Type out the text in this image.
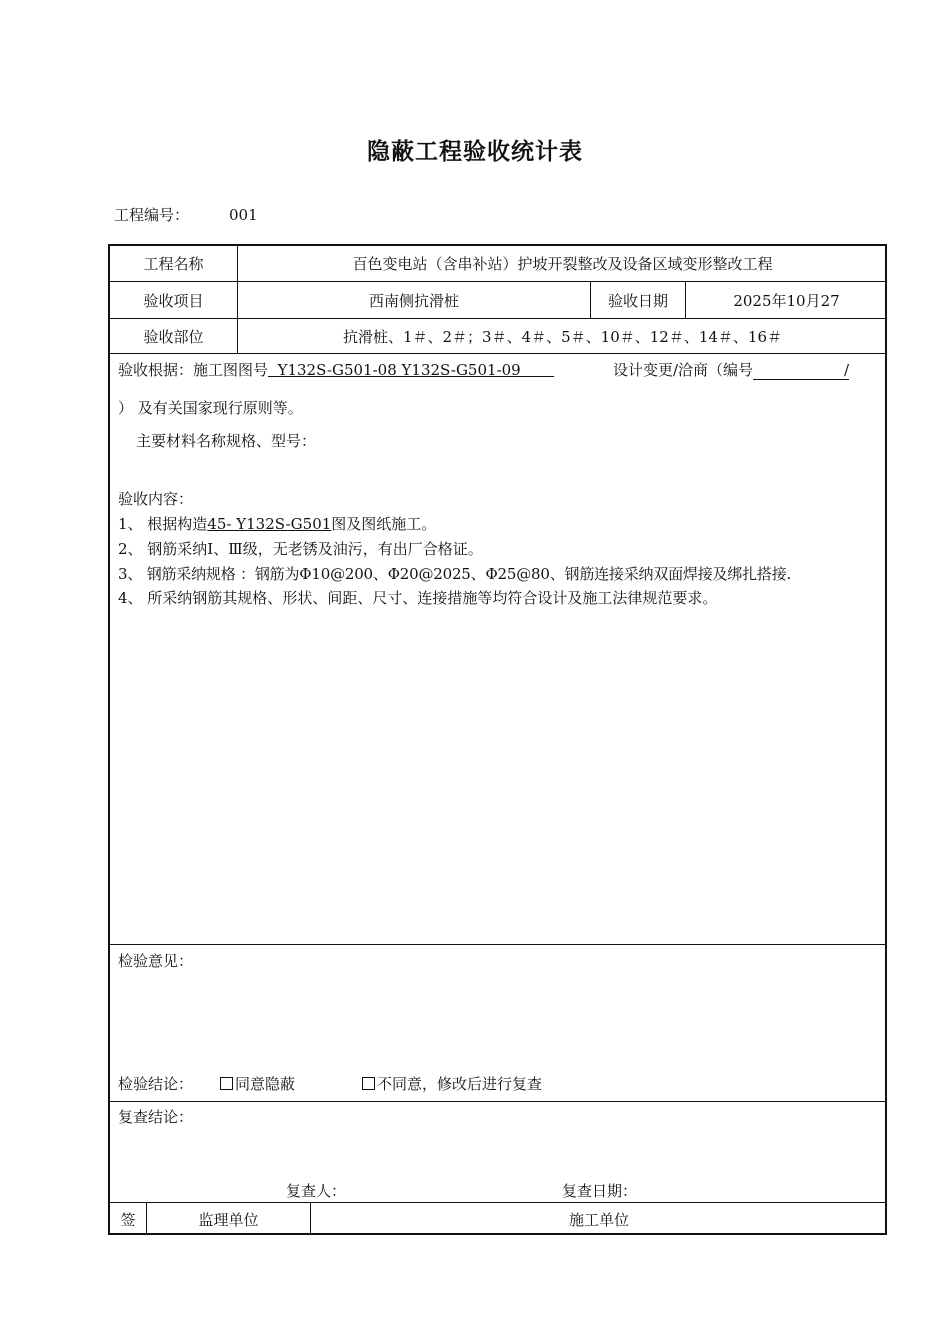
隐蔽工程验收统计表
工程编号：	001
工程名称	百色变电站（含串补站）护坡开裂整改及设备区域变形整改工程
验收项目	西南侧抗滑桩	验收日期	2025年10月27
验收部位	抗滑桩、1＃、2＃；3＃、4＃、5＃、10＃、12＃、14＃、16＃
验收根据：施工图图号 Y132S-G501-08 Y132S-G501-09	设计变更/洽商（编号	/
） 及有关国家现行原则等。
主要材料名称规格、型号：
验收内容：
1、 根据构造45- Y132S-G501图及图纸施工。
2、 钢筋采纳Ⅰ、Ⅲ级，无老锈及油污，有出厂合格证。
3、 钢筋采纳规格 ：钢筋为Φ10@200、Φ20@2025、Φ25@80、钢筋连接采纳双面焊接及绑扎搭接.
4、 所采纳钢筋其规格、形状、间距、尺寸、连接措施等均符合设计及施工法律规范要求。
检验意见：
检验结论：	同意隐蔽	不同意，修改后进行复查
复查结论：
复查人：	复查日期：
签	监理单位	施工单位
